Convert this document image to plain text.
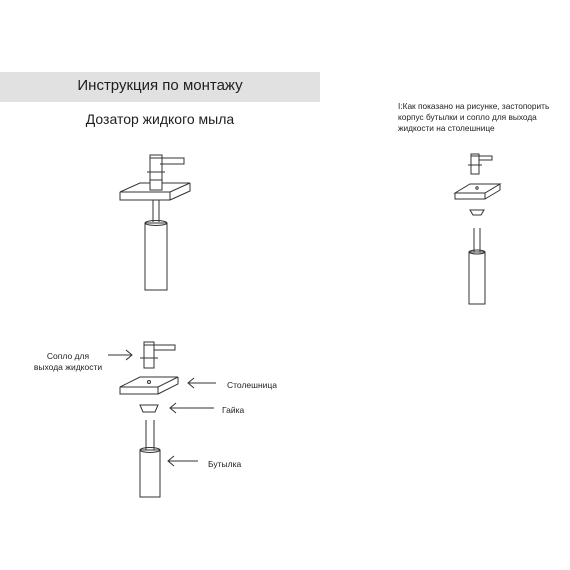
Инструкция по монтажу
Дозатор жидкого мыла
I:Как показано на рисунке, застопорить корпус бутылки и сопло для выхода жидкости на столешнице
Сопло для выхода жидкости
Столешница
Гайка
Бутылка
